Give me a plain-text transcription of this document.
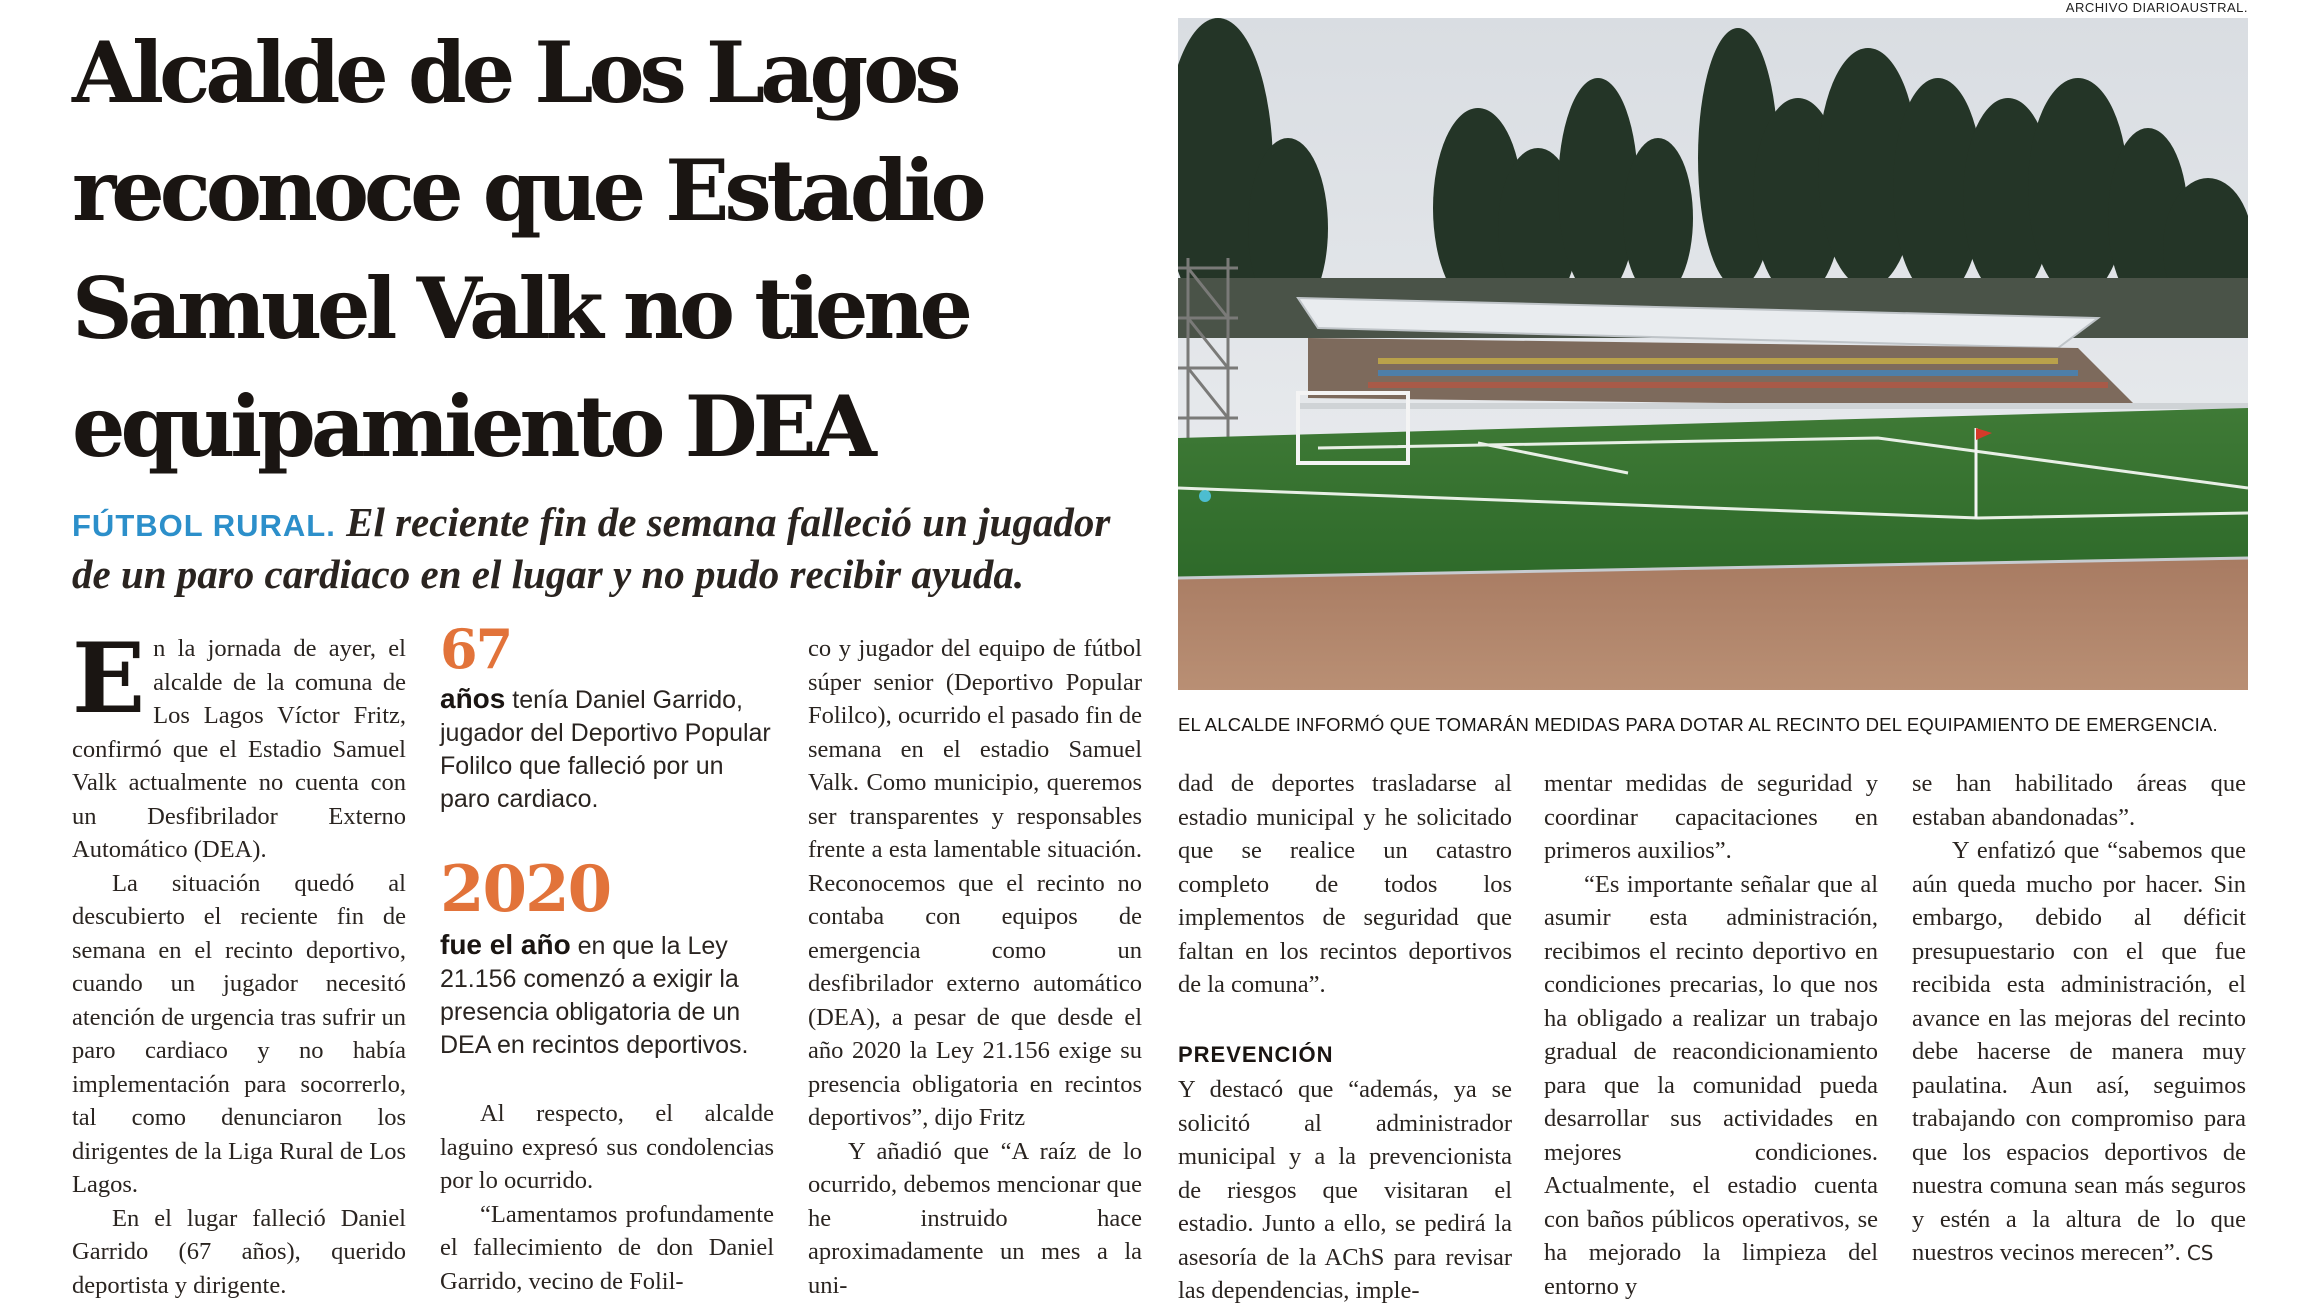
ARCHIVO DIARIOAUSTRAL.
Alcalde de Los Lagos
reconoce que Estadio
Samuel Valk no tiene
equipamiento DEA

FÚTBOL RURAL. El reciente fin de semana falleció un jugador de un paro cardiaco en el lugar y no pudo recibir ayuda.

EL ALCALDE INFORMÓ QUE TOMARÁN MEDIDAS PARA DOTAR AL RECINTO DEL EQUIPAMIENTO DE EMERGENCIA.

En la jornada de ayer, el alcalde de la comuna de Los Lagos Víctor Fritz, confirmó que el Estadio Samuel Valk actualmente no cuenta con un Desfibrilador Externo Automático (DEA).

La situación quedó al descubierto el reciente fin de semana en el recinto deportivo, cuando un jugador necesitó atención de urgencia tras sufrir un paro cardiaco y no había implementación para socorrerlo, tal como denunciaron los dirigentes de la Liga Rural de Los Lagos.

En el lugar falleció Daniel Garrido (67 años), querido deportista y dirigente.

67
años tenía Daniel Garrido, jugador del Deportivo Popular Folilco que falleció por un paro cardiaco.
2020
fue el año en que la Ley 21.156 comenzó a exigir la presencia obligatoria de un DEA en recintos deportivos.

Al respecto, el alcalde laguino expresó sus condolencias por lo ocurrido.

“Lamentamos profundamente el fallecimiento de don Daniel Garrido, vecino de Folil-

co y jugador del equipo de fútbol súper senior (Deportivo Popular Folilco), ocurrido el pasado fin de semana en el estadio Samuel Valk. Como municipio, queremos ser transparentes y responsables frente a esta lamentable situación. Reconocemos que el recinto no contaba con equipos de emergencia como un desfibrilador externo automático (DEA), a pesar de que desde el año 2020 la Ley 21.156 exige su presencia obligatoria en recintos deportivos”, dijo Fritz

Y añadió que “A raíz de lo ocurrido, debemos mencionar que he instruido hace aproximadamente un mes a la uni-

dad de deportes trasladarse al estadio municipal y he solicitado que se realice un catastro completo de todos los implementos de seguridad que faltan en los recintos deportivos de la comuna”.

PREVENCIÓN

Y destacó que “además, ya se solicitó al administrador municipal y a la prevencionista de riesgos que visitaran el estadio. Junto a ello, se pedirá la asesoría de la AChS para revisar las dependencias, imple-

mentar medidas de seguridad y coordinar capacitaciones en primeros auxilios”.

“Es importante señalar que al asumir esta administración, recibimos el recinto deportivo en condiciones precarias, lo que nos ha obligado a realizar un trabajo gradual de reacondicionamiento para que la comunidad pueda desarrollar sus actividades en mejores condiciones. Actualmente, el estadio cuenta con baños públicos operativos, se ha mejorado la limpieza del entorno y

se han habilitado áreas que estaban abandonadas”.

Y enfatizó que “sabemos que aún queda mucho por hacer. Sin embargo, debido al déficit presupuestario con el que fue recibida esta administración, el avance en las mejoras del recinto debe hacerse de manera muy paulatina. Aun así, seguimos trabajando con compromiso para que los espacios deportivos de nuestra comuna sean más seguros y estén a la altura de lo que nuestros vecinos merecen”. CS
